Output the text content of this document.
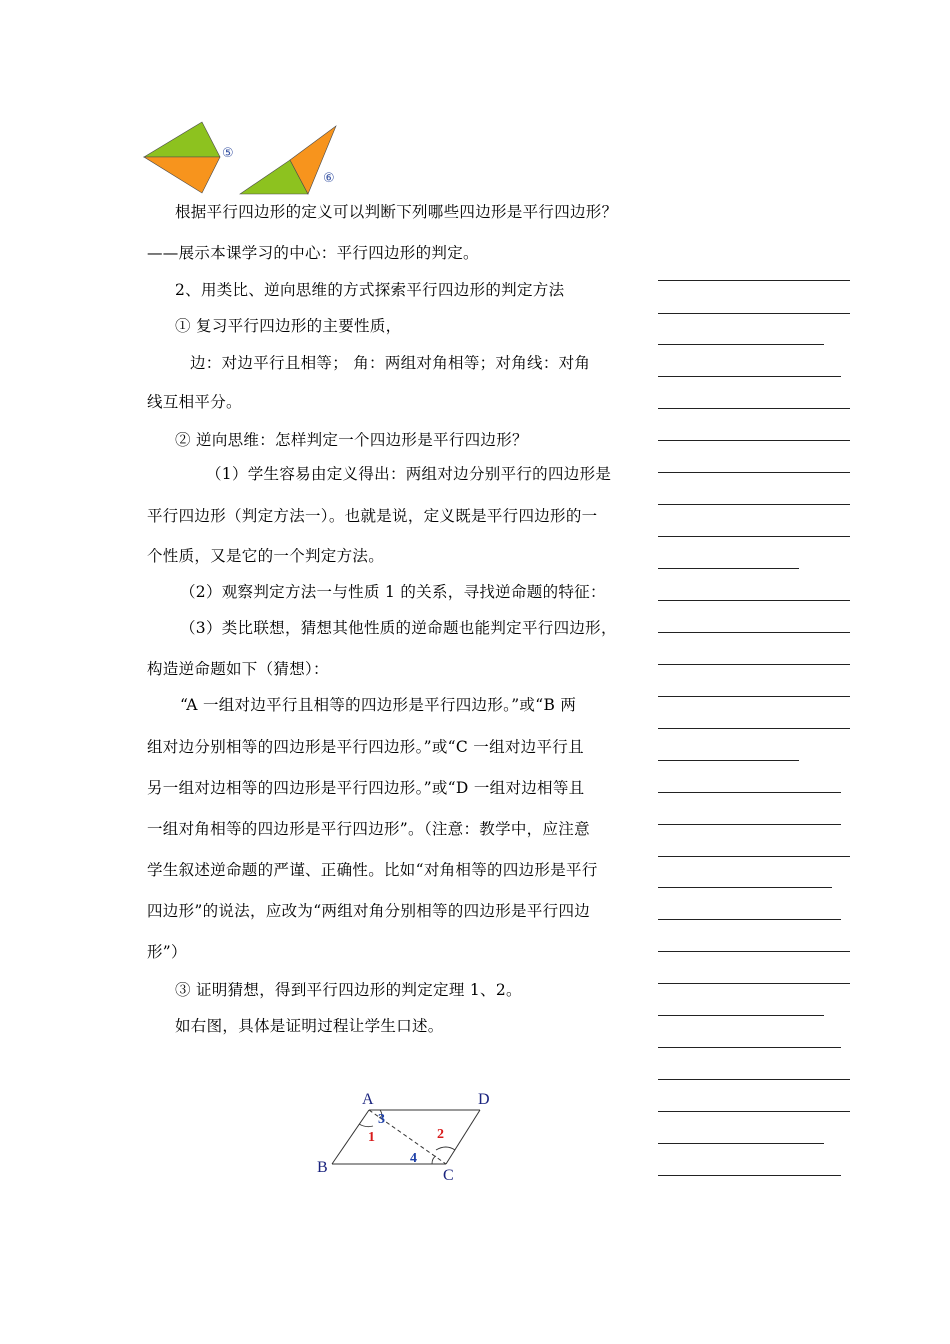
⑤
⑥
根据平行四边形的定义可以判断下列哪些四边形是平行四边形？
——展示本课学习的中心：平行四边形的判定。
2、用类比、逆向思维的方式探索平行四边形的判定方法
① 复习平行四边形的主要性质，
边：对边平行且相等； 角：两组对角相等；对角线：对角
线互相平分。
② 逆向思维：怎样判定一个四边形是平行四边形？
（1）学生容易由定义得出：两组对边分别平行的四边形是
平行四边形（判定方法一）。也就是说，定义既是平行四边形的一
个性质，又是它的一个判定方法。
（2）观察判定方法一与性质 1 的关系，寻找逆命题的特征：
（3）类比联想，猜想其他性质的逆命题也能判定平行四边形，
构造逆命题如下（猜想）：
“A 一组对边平行且相等的四边形是平行四边形。”或“B 两
组对边分别相等的四边形是平行四边形。”或“C 一组对边平行且
另一组对边相等的四边形是平行四边形。”或“D 一组对边相等且
一组对角相等的四边形是平行四边形”。（注意：教学中，应注意
学生叙述逆命题的严谨、正确性。比如“对角相等的四边形是平行
四边形”的说法，应改为“两组对角分别相等的四边形是平行四边
形”）
③ 证明猜想，得到平行四边形的判定定理 1、2。
如右图，具体是证明过程让学生口述。
A	D
B	C
1	2
3
4
